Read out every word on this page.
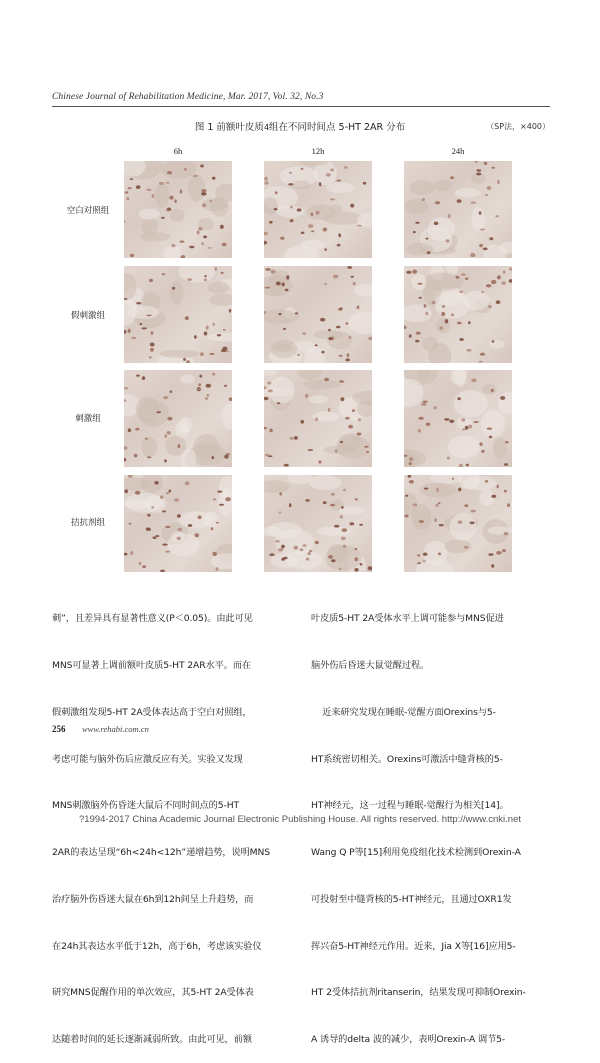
Chinese Journal of Rehabilitation Medicine, Mar. 2017, Vol. 32, No.3
图 1 前额叶皮质4组在不同时间点 5-HT 2AR 分布	（SP法，×400）
6h	12h	24h
空白对照组
假刺激组
刺激组
拮抗剂组

刺”，且差异具有显著性意义(P＜0.05)。由此可见

MNS可显著上调前额叶皮质5-HT 2AR水平。而在

假刺激组发现5-HT 2A受体表达高于空白对照组，

考虑可能与脑外伤后应激反应有关。实验又发现

MNS刺激脑外伤昏迷大鼠后不同时间点的5-HT

2AR的表达呈现“6h<24h<12h”递增趋势，说明MNS

治疗脑外伤昏迷大鼠在6h到12h间呈上升趋势，而

在24h其表达水平低于12h，高于6h，考虑该实验仪

研究MNS促醒作用的单次效应，其5-HT 2A受体表

达随着时间的延长逐渐减弱所致。由此可见，前额

叶皮质5-HT 2A受体水平上调可能参与MNS促进

脑外伤后昏迷大鼠觉醒过程。

近来研究发现在睡眠-觉醒方面Orexins与5-

HT系统密切相关。Orexins可激活中缝背核的5-

HT神经元，这一过程与睡眠-觉醒行为相关[14]。

Wang Q P等[15]利用免疫组化技术检测到Orexin-A

可投射至中缝背核的5-HT神经元，且通过OXR1发

挥兴奋5-HT神经元作用。近来，Jia X等[16]应用5-

HT 2受体拮抗剂ritanserin，结果发现可抑制Orexin-

A 诱导的delta 波的减少，表明Orexin-A 调节5-

256 www.rehabi.com.cn
?1994-2017 China Academic Journal Electronic Publishing House. All rights reserved. http://www.cnki.net
